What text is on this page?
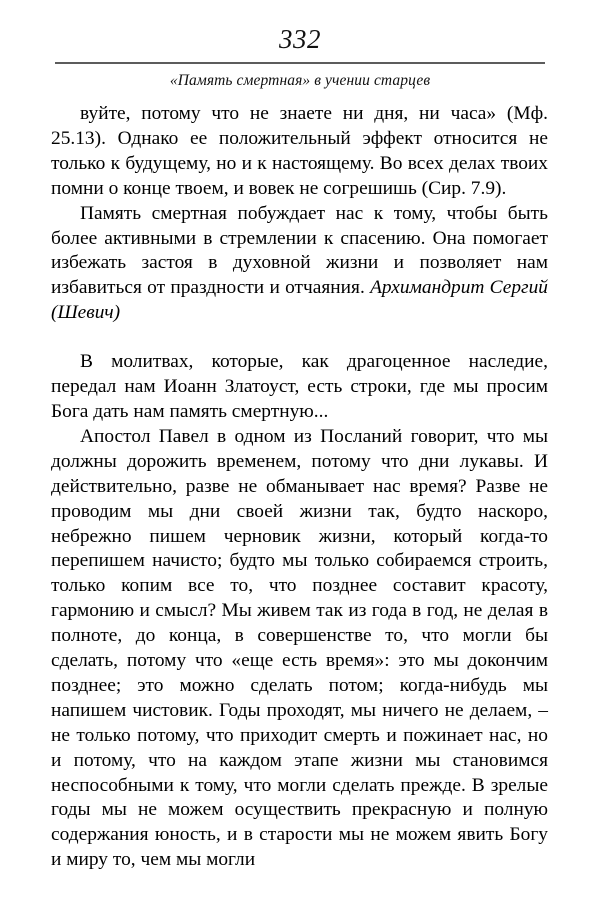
332
«Память смертная» в учении старцев

вуйте, потому что не знаете ни дня, ни часа» (Мф. 25.13). Однако ее положительный эффект относится не только к будущему, но и к настоящему. Во всех делах твоих помни о конце твоем, и вовек не согрешишь (Сир. 7.9).

Память смертная побуждает нас к тому, чтобы быть более активными в стремлении к спасению. Она помогает избежать застоя в духовной жизни и позволяет нам избавиться от праздности и отчаяния. Архимандрит Сергий (Шевич)

В молитвах, которые, как драгоценное наследие, передал нам Иоанн Златоуст, есть строки, где мы просим Бога дать нам память смертную...

Апостол Павел в одном из Посланий говорит, что мы должны дорожить временем, потому что дни лукавы. И действительно, разве не обманывает нас время? Разве не проводим мы дни своей жизни так, будто наскоро, небрежно пишем черновик жизни, который когда-то перепишем начисто; будто мы только собираемся строить, только копим все то, что позднее составит красоту, гармонию и смысл? Мы живем так из года в год, не делая в полноте, до конца, в совершенстве то, что могли бы сделать, потому что «еще есть время»: это мы докончим позднее; это можно сделать потом; когда-нибудь мы напишем чистовик. Годы проходят, мы ничего не делаем, – не только потому, что приходит смерть и пожинает нас, но и потому, что на каждом этапе жизни мы становимся неспособными к тому, что могли сделать прежде. В зрелые годы мы не можем осуществить прекрасную и полную содержания юность, и в старости мы не можем явить Богу и миру то, чем мы могли
